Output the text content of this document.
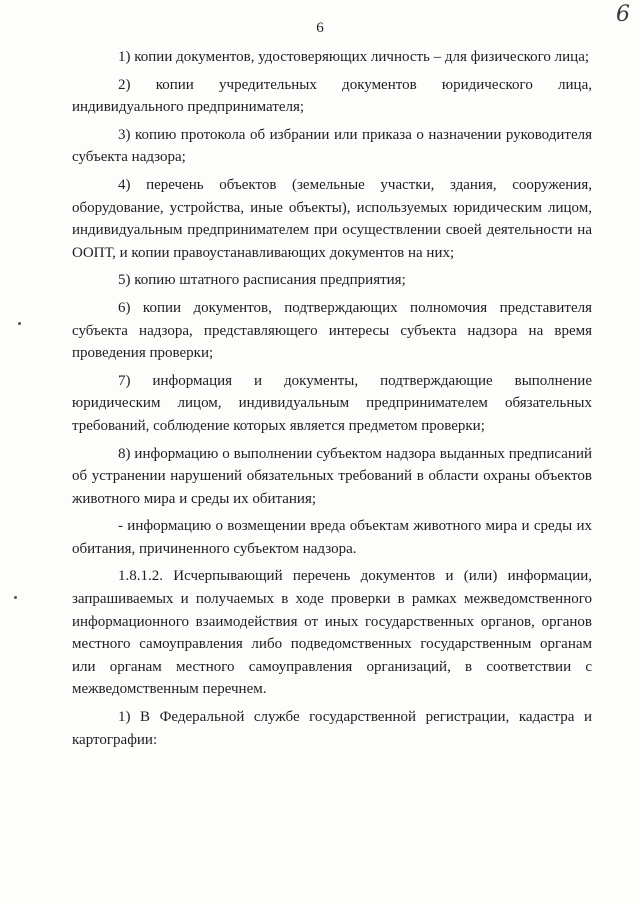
6
6

1) копии документов, удостоверяющих личность – для физического лица;

2) копии учредительных документов юридического лица, индивидуального предпринимателя;

3) копию протокола об избрании или приказа о назначении руководителя субъекта надзора;

4) перечень объектов (земельные участки, здания, сооружения, оборудование, устройства, иные объекты), используемых юридическим лицом, индивидуальным предпринимателем при осуществлении своей деятельности на ООПТ, и копии правоустанавливающих документов на них;

5) копию штатного расписания предприятия;

6) копии документов, подтверждающих полномочия представителя субъекта надзора, представляющего интересы субъекта надзора на время проведения проверки;

7) информация и документы, подтверждающие выполнение юридическим лицом, индивидуальным предпринимателем обязательных требований, соблюдение которых является предметом проверки;

8) информацию о выполнении субъектом надзора выданных предписаний об устранении нарушений обязательных требований в области охраны объектов животного мира и среды их обитания;

- информацию о возмещении вреда объектам животного мира и среды их обитания, причиненного субъектом надзора.

1.8.1.2. Исчерпывающий перечень документов и (или) информации, запрашиваемых и получаемых в ходе проверки в рамках межведомственного информационного взаимодействия от иных государственных органов, органов местного самоуправления либо подведомственных государственным органам или органам местного самоуправления организаций, в соответствии с межведомственным перечнем.

1) В Федеральной службе государственной регистрации, кадастра и картографии:
